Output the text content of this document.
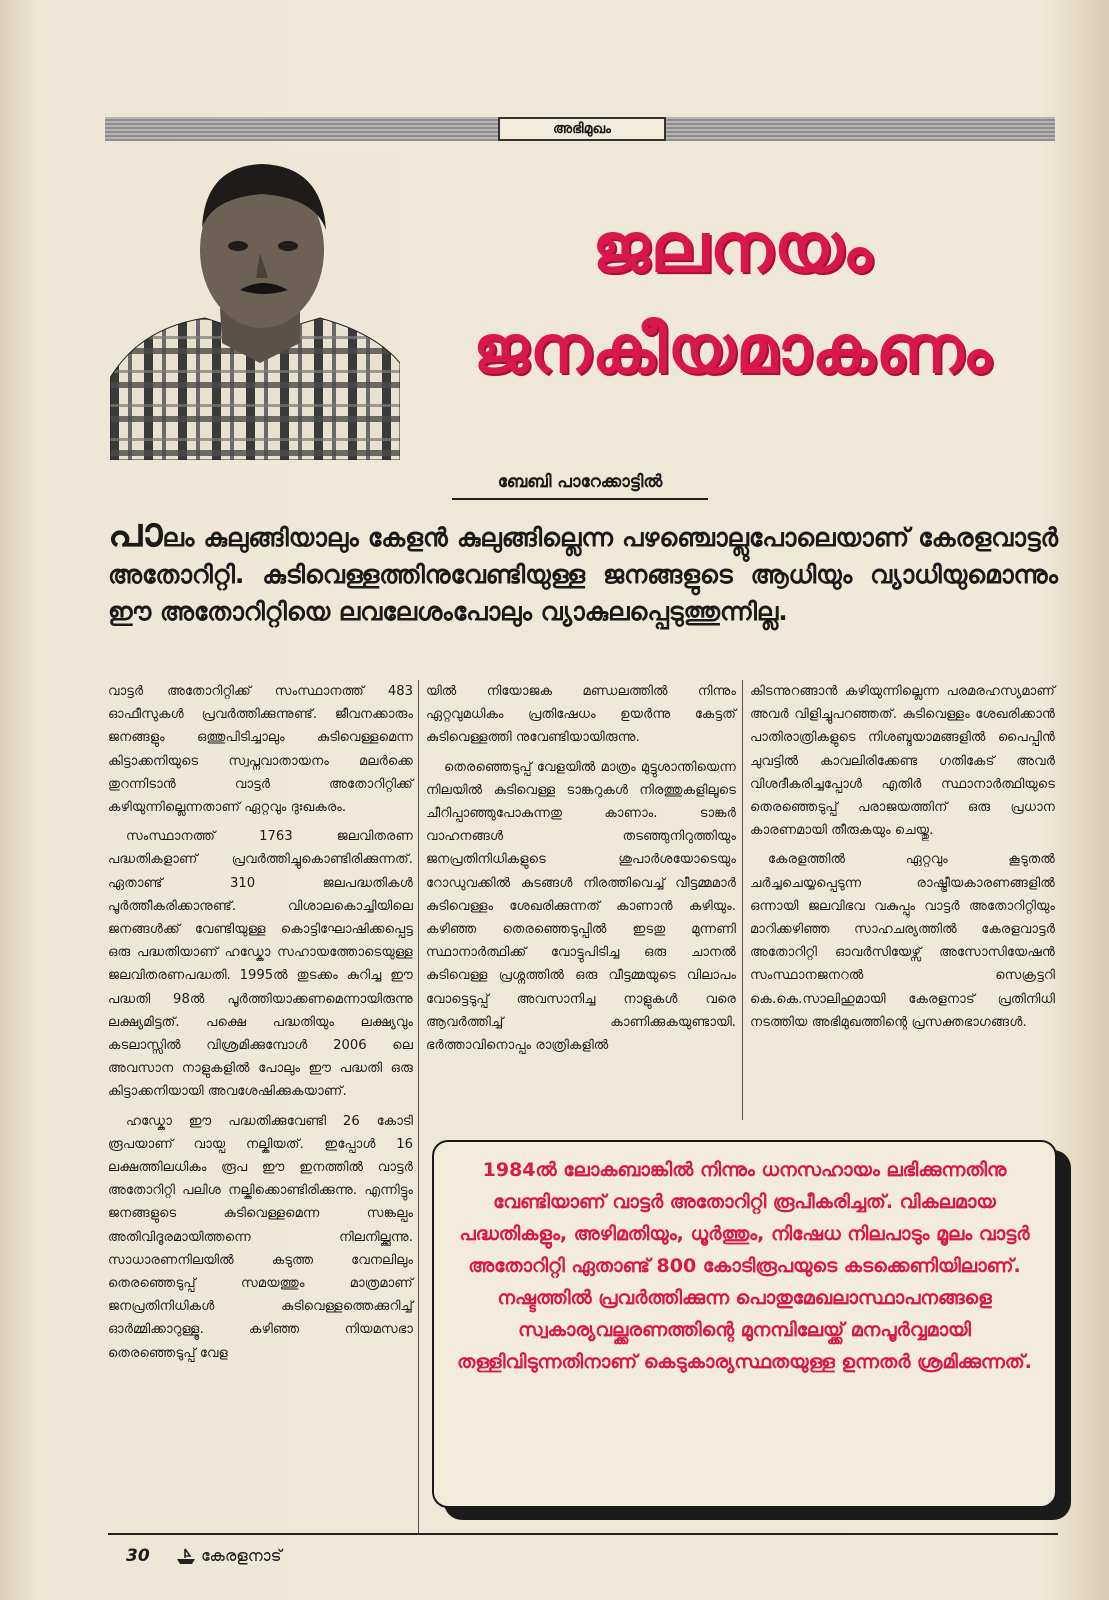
അഭിമുഖം
ജലനയം
ജനകീയമാകണം
ബേബി പാറേക്കാട്ടിൽ
പാലം കുലുങ്ങിയാലും കേളൻ കുലുങ്ങില്ലെന്ന പഴഞ്ചൊല്ലുപോലെയാണ് കേരളവാട്ടർ അതോറിറ്റി. കുടിവെള്ളത്തിനുവേണ്ടിയുള്ള ജനങ്ങളുടെ ആധിയും വ്യാധിയുമൊന്നും ഈ അതോറിറ്റിയെ ലവലേശംപോലും വ്യാകുലപ്പെടുത്തുന്നില്ല.

വാട്ടർ അതോറിറ്റിക്ക് സംസ്ഥാനത്ത് 483 ഓഫീസുകൾ പ്രവർത്തിക്കുന്നുണ്ട്. ജീവനക്കാരും ജനങ്ങളും ഒത്തുപിടിച്ചാലും കുടിവെള്ളമെന്ന കിട്ടാക്കനിയുടെ സ്വപ്നവാതായനം മലർക്കെ തുറന്നിടാൻ വാട്ടർ അതോറിറ്റിക്ക് കഴിയുന്നില്ലെന്നതാണ് ഏറ്റവും ദുഃഖകരം.

സംസ്ഥാനത്ത് 1763 ജലവിതരണ പദ്ധതികളാണ് പ്രവർത്തിച്ചുകൊണ്ടിരിക്കുന്നത്. ഏതാണ്ട് 310 ജലപദ്ധതികൾ പൂർത്തീകരിക്കാനുണ്ട്. വിശാലകൊച്ചിയിലെ ജനങ്ങൾക്ക് വേണ്ടിയുള്ള കൊട്ടിഘോഷിക്കപ്പെട്ട ഒരു പദ്ധതിയാണ് ഹഡ്കോ സഹായത്തോടെയുള്ള ജലവിതരണപദ്ധതി. 1995ൽ തുടക്കം കുറിച്ച ഈ പദ്ധതി 98ൽ പൂർത്തിയാക്കണമെന്നായിരുന്നു ലക്ഷ്യമിട്ടത്. പക്ഷെ പദ്ധതിയും ലക്ഷ്യവും കടലാസ്സിൽ വിശ്രമിക്കുമ്പോൾ 2006 ലെ അവസാന നാളുകളിൽ പോലും ഈ പദ്ധതി ഒരു കിട്ടാക്കനിയായി അവശേഷിക്കുകയാണ്.

ഹഡ്കോ ഈ പദ്ധതിക്കുവേണ്ടി 26 കോടി രൂപയാണ് വായ്പ നല്കിയത്. ഇപ്പോൾ 16 ലക്ഷത്തിലധികം രൂപ ഈ ഇനത്തിൽ വാട്ടർ അതോറിറ്റി പലിശ നല്കിക്കൊണ്ടിരിക്കുന്നു. എന്നിട്ടും ജനങ്ങളുടെ കുടിവെള്ളമെന്ന സങ്കല്പം അതിവിദൂരമായിത്തന്നെ നിലനില്ക്കുന്നു. സാധാരണനിലയിൽ കടുത്ത വേനലിലും തെരഞ്ഞെടുപ്പ് സമയത്തും മാത്രമാണ് ജനപ്രതിനിധികൾ കുടിവെള്ളത്തെക്കുറിച്ച് ഓർമ്മിക്കാറുള്ളൂ. കഴിഞ്ഞ നിയമസഭാ തെരഞ്ഞെടുപ്പ് വേള

യിൽ നിയോജക മണ്ഡലത്തിൽ നിന്നും ഏറ്റവുമധികം പ്രതിഷേധം ഉയർന്നു കേട്ടത് കുടിവെള്ളത്തി നുവേണ്ടിയായിരുന്നു.

തെരഞ്ഞെടുപ്പ് വേളയിൽ മാത്രം മുട്ടുശാന്തിയെന്ന നിലയിൽ കുടിവെള്ള ടാങ്കറുകൾ നിരത്തുകളിലൂടെ ചീറിപ്പാഞ്ഞുപോകുന്നതു കാണാം. ടാങ്കർ വാഹനങ്ങൾ തടഞ്ഞുനിറുത്തിയും ജനപ്രതിനിധികളുടെ ശുപാർശയോടെയും റോഡുവക്കിൽ കുടങ്ങൾ നിരത്തിവെച്ച് വീട്ടമ്മമാർ കുടിവെള്ളം ശേഖരിക്കുന്നത് കാണാൻ കഴിയും. കഴിഞ്ഞ തെരഞ്ഞെടുപ്പിൽ ഇടതു മുന്നണി സ്ഥാനാർത്ഥിക്ക് വോട്ടുപിടിച്ച ഒരു ചാനൽ കുടിവെള്ള പ്രശ്നത്തിൽ ഒരു വീട്ടമ്മയുടെ വിലാപം വോട്ടെടുപ്പ് അവസാനിച്ച നാളുകൾ വരെ ആവർത്തിച്ച് കാണിക്കുകയുണ്ടായി. ഭർത്താവിനൊപ്പം രാത്രികളിൽ

കിടന്നുറങ്ങാൻ കഴിയുന്നില്ലെന്ന പരമരഹസ്യമാണ് അവർ വിളിച്ചുപറഞ്ഞത്. കുടിവെള്ളം ശേഖരിക്കാൻ പാതിരാത്രികളുടെ നിശബ്ദയാമങ്ങളിൽ പൈപ്പിൻ ചുവട്ടിൽ കാവലിരിക്കേണ്ട ഗതികേട് അവർ വിശദീകരിച്ചപ്പോൾ എതിർ സ്ഥാനാർത്ഥിയുടെ തെരഞ്ഞെടുപ്പ് പരാജയത്തിന് ഒരു പ്രധാന കാരണമായി തീരുകയും ചെയ്തു.

കേരളത്തിൽ ഏറ്റവും കൂടുതൽ ചർച്ചചെയ്യപ്പെടുന്ന രാഷ്ട്രീയകാരണങ്ങളിൽ ഒന്നായി ജലവിഭവ വകുപ്പും വാട്ടർ അതോറിറ്റിയും മാറിക്കഴിഞ്ഞ സാഹചര്യത്തിൽ കേരളവാട്ടർ അതോറിറ്റി ഓവർസിയേഴ്സ് അസോസിയേഷൻ സംസ്ഥാനജനറൽ സെക്രട്ടറി കെ.കെ.സാലിഹുമായി കേരളനാട് പ്രതിനിധി നടത്തിയ അഭിമുഖത്തിന്റെ പ്രസക്തഭാഗങ്ങൾ.

1984ൽ ലോകബാങ്കിൽ നിന്നും ധനസഹായം ലഭിക്കുന്നതിനു വേണ്ടിയാണ് വാട്ടർ അതോറിറ്റി രൂപീകരിച്ചത്. വികലമായ പദ്ധതികളും, അഴിമതിയും, ധൂർത്തും, നിഷേധ നിലപാടും മൂലം വാട്ടർ അതോറിറ്റി ഏതാണ്ട് 800 കോടിരൂപയുടെ കടക്കെണിയിലാണ്. നഷ്ടത്തിൽ പ്രവർത്തിക്കുന്ന പൊതുമേഖലാസ്ഥാപനങ്ങളെ സ്വകാര്യവല്ക്കരണത്തിന്റെ മുനമ്പിലേയ്ക്ക് മനപൂർവ്വമായി തള്ളിവിടുന്നതിനാണ് കെടുകാര്യസ്ഥതയുള്ള ഉന്നതർ ശ്രമിക്കുന്നത്.
30	കേരളനാട്
